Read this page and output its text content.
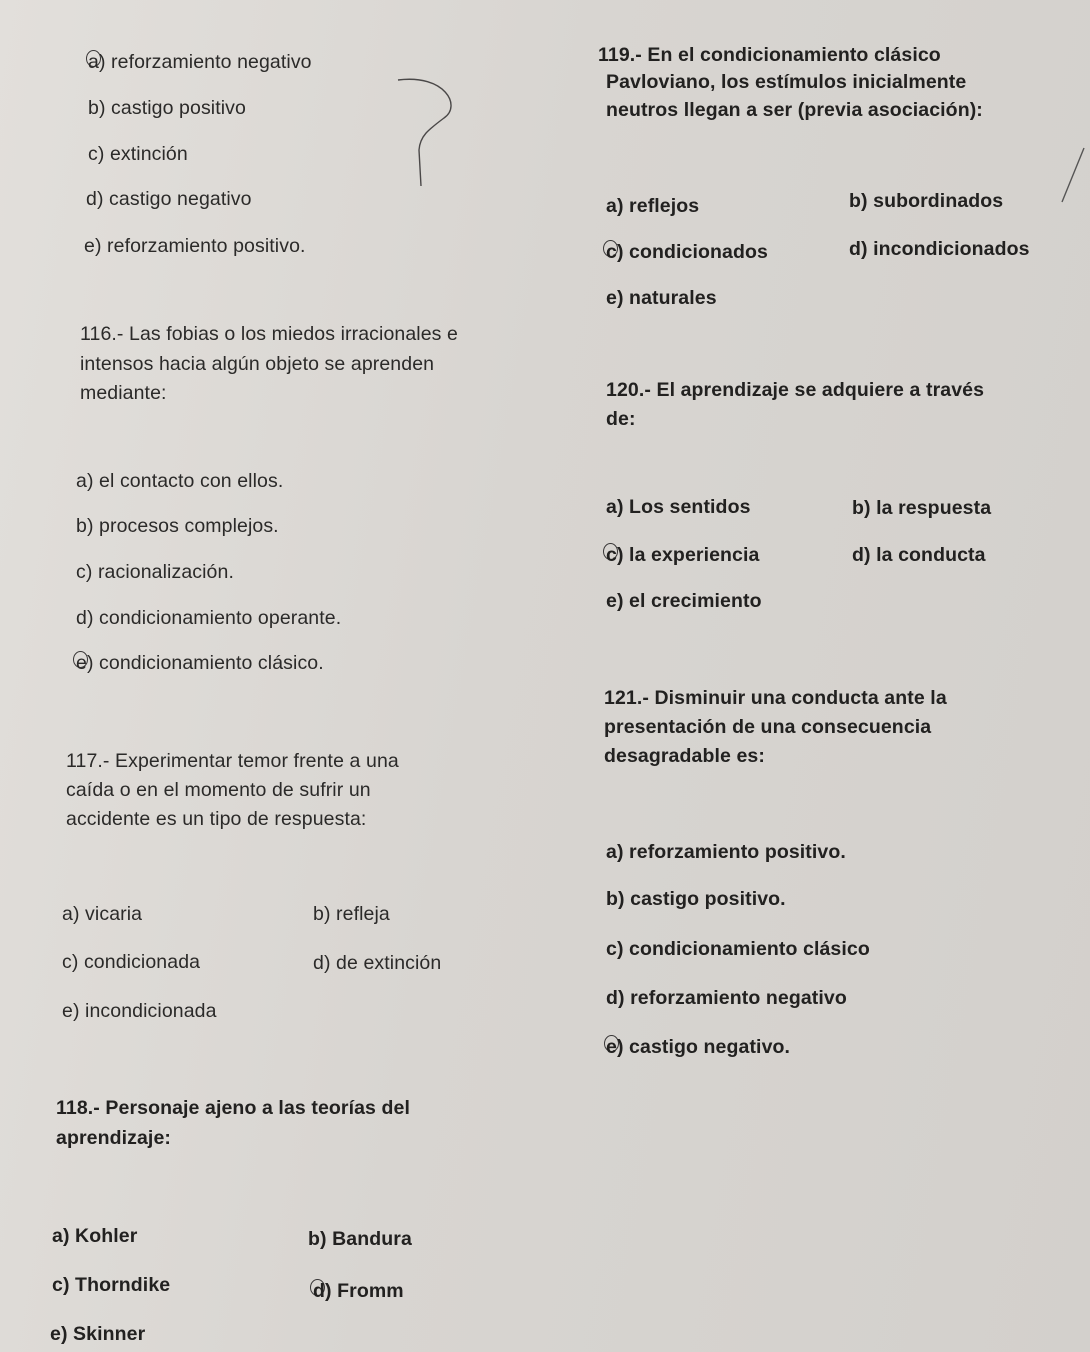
a) reforzamiento negativo
b) castigo positivo
c) extinción
d) castigo negativo
e) reforzamiento positivo.
116.- Las fobias o los miedos irracionales e
intensos hacia algún objeto se aprenden
mediante:
a) el contacto con ellos.
b) procesos complejos.
c) racionalización.
d) condicionamiento operante.
e) condicionamiento clásico.
117.- Experimentar temor frente a una
caída o en el momento de sufrir un
accidente es un tipo de respuesta:
a) vicaria	b) refleja
c) condicionada	d) de extinción
e) incondicionada
118.- Personaje ajeno a las teorías del
aprendizaje:
a) Kohler	b) Bandura
c) Thorndike	d) Fromm
e) Skinner
119.- En el condicionamiento clásico
Pavloviano, los estímulos inicialmente
neutros llegan a ser (previa asociación):
a) reflejos	b) subordinados
c) condicionados	d) incondicionados
e) naturales
120.- El aprendizaje se adquiere a través
de:
a) Los sentidos	b) la respuesta
c) la experiencia	d) la conducta
e) el crecimiento
121.- Disminuir una conducta ante la
presentación de una consecuencia
desagradable es:
a) reforzamiento positivo.
b) castigo positivo.
c) condicionamiento clásico
d) reforzamiento negativo
e) castigo negativo.
